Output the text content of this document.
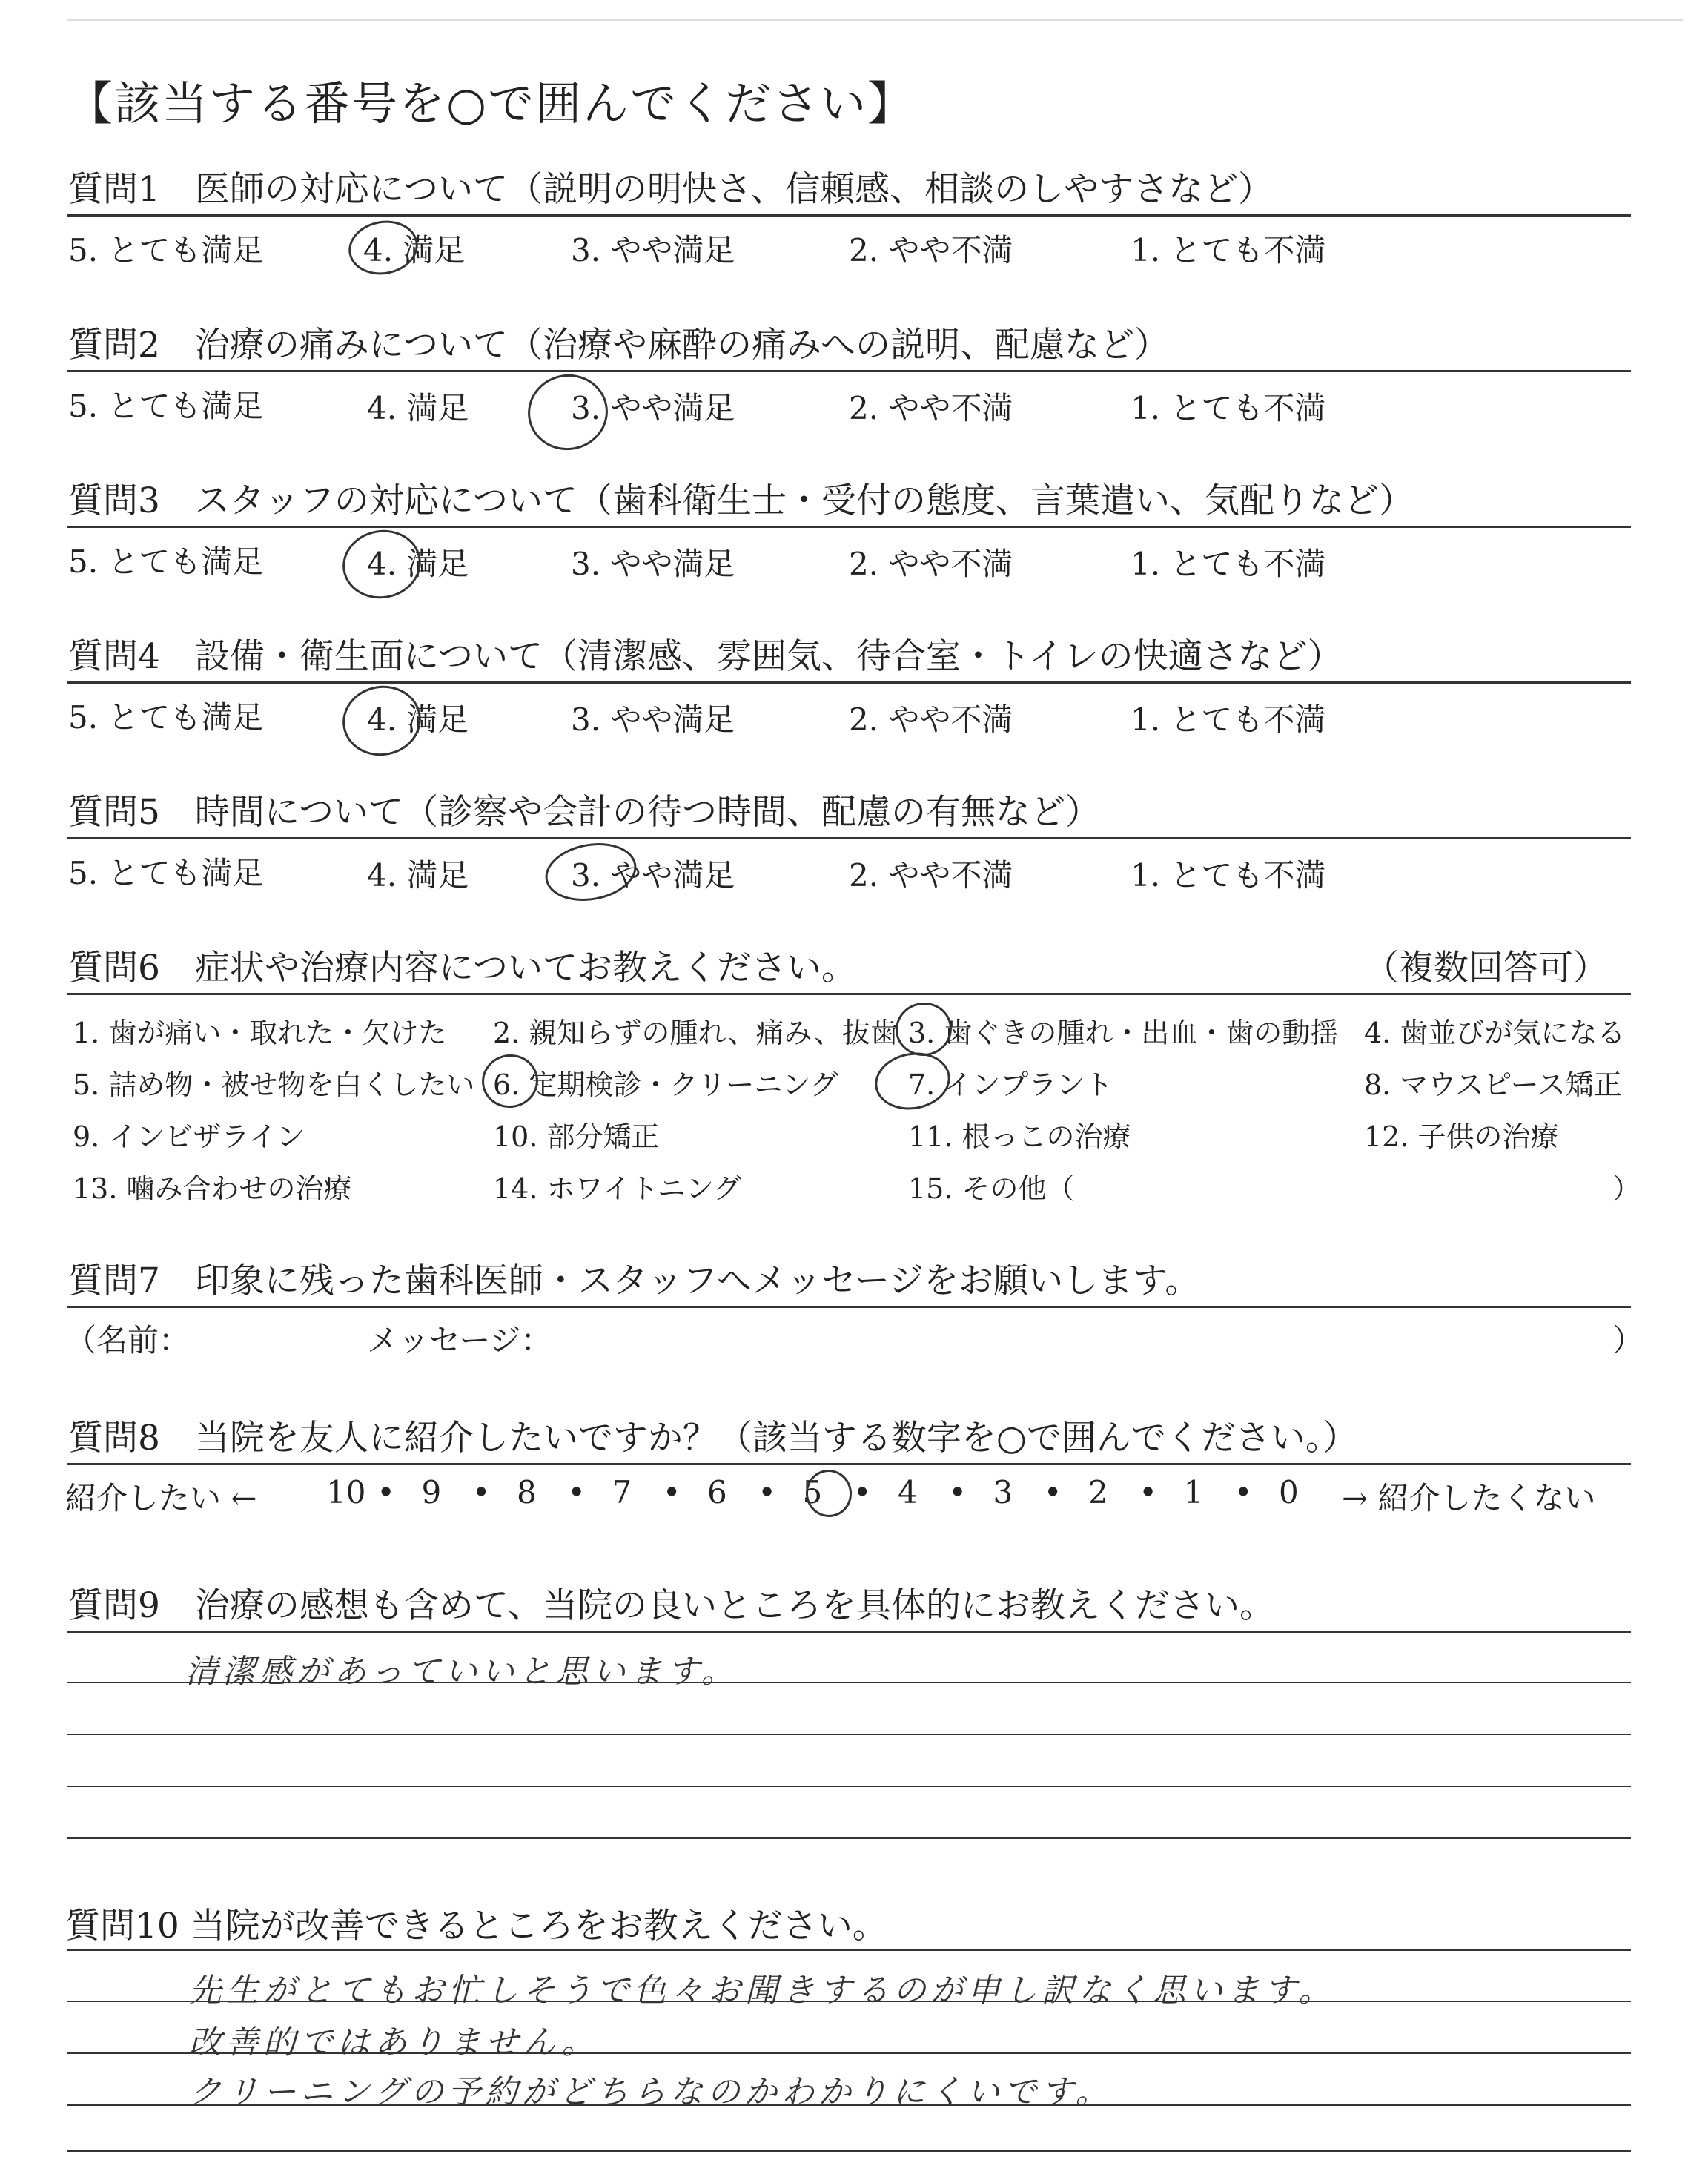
【該当する番号を○で囲んでください】
質問1　医師の対応について（説明の明快さ、信頼感、相談のしやすさなど）
5. とても満足	4. 満足	3. やや満足	2. やや不満	1. とても不満
質問2　治療の痛みについて（治療や麻酔の痛みへの説明、配慮など）
5. とても満足	4. 満足	3. やや満足	2. やや不満	1. とても不満
質問3　スタッフの対応について（歯科衛生士・受付の態度、言葉遣い、気配りなど）
5. とても満足	4. 満足	3. やや満足	2. やや不満	1. とても不満
質問4　設備・衛生面について（清潔感、雰囲気、待合室・トイレの快適さなど）
5. とても満足	4. 満足	3. やや満足	2. やや不満	1. とても不満
質問5　時間について（診察や会計の待つ時間、配慮の有無など）
5. とても満足	4. 満足	3. やや満足	2. やや不満	1. とても不満
質問6　症状や治療内容についてお教えください。	（複数回答可）
1. 歯が痛い・取れた・欠けた 2. 親知らずの腫れ、痛み、抜歯 3. 歯ぐきの腫れ・出血・歯の動揺 4. 歯並びが気になる
5. 詰め物・被せ物を白くしたい 6. 定期検診・クリーニング 7. インプラント	8. マウスピース矯正
9. インビザライン	10. 部分矯正	11. 根っこの治療	12. 子供の治療
13. 噛み合わせの治療	14. ホワイトニング	15. その他（	）
質問7　印象に残った歯科医師・スタッフへメッセージをお願いします。
（名前：	メッセージ：	）
質問8　当院を友人に紹介したいですか？（該当する数字を○で囲んでください。）
紹介したい ← 10 • 9 • 8 • 7 • 6 • 5 • 4 • 3 • 2 • 1 • 0 → 紹介したくない
質問9　治療の感想も含めて、当院の良いところを具体的にお教えください。
清潔感があっていいと思います。
質問10 当院が改善できるところをお教えください。
先生がとてもお忙しそうで色々お聞きするのが申し訳なく思います。
改善的ではありません。
クリーニングの予約がどちらなのかわかりにくいです。
